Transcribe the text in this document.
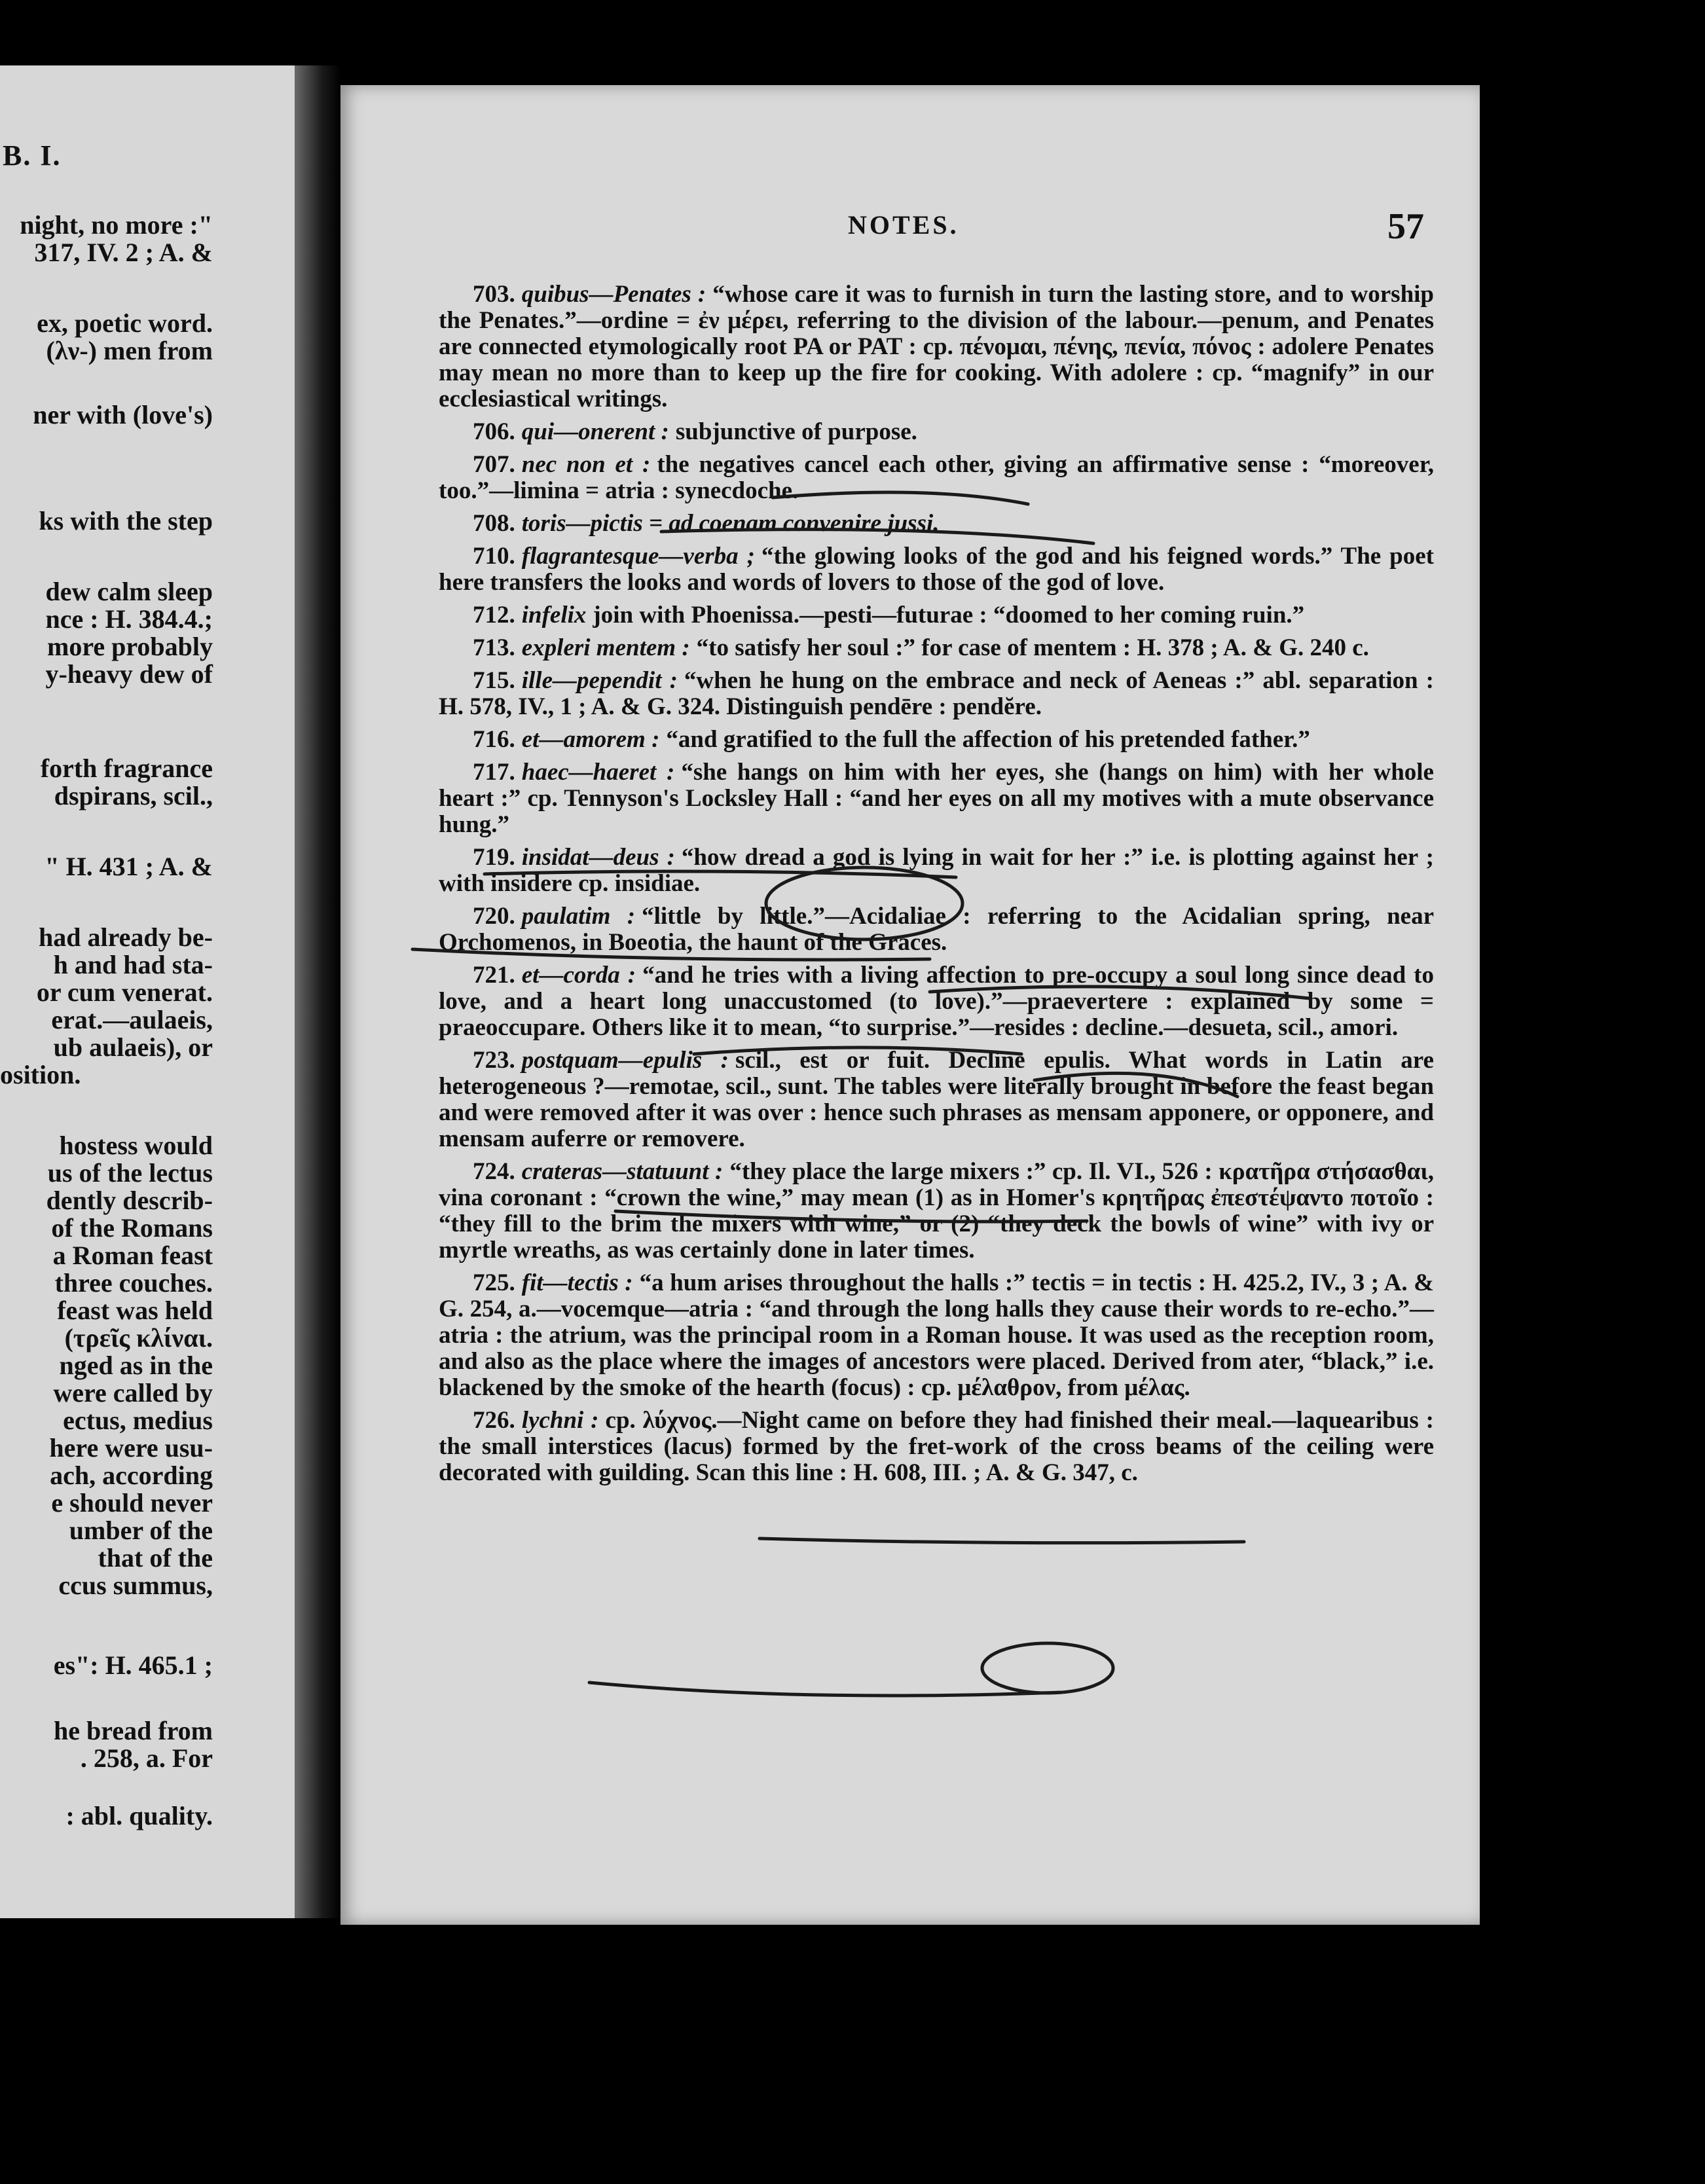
night, no more :"
317, IV. 2 ; A. &
ex, poetic word.
(λν-) men from
ner with (love's)
ks with the step
dew calm sleep
nce : H. 384.4.;
more probably
y-heavy dew of
forth fragrance
dspirans, scil.,
" H. 431 ; A. &
had already be-
h and had sta-
or cum venerat.
erat.—aulaeis,
ub aulaeis), or
osition.
hostess would
us of the lectus
dently describ-
of the Romans
a Roman feast
three couches.
feast was held
(τρεῖς κλίναι.
nged as in the
were called by
ectus, medius
here were usu-
ach, according
e should never
umber of the
that of the
ccus summus,
es": H. 465.1 ;
he bread from
. 258, a. For
: abl. quality.
B. I.
NOTES.	57

703. quibus—Penates : “whose care it was to furnish in turn the lasting store, and to worship the Penates.”—ordine = ἐν μέρει, referring to the division of the labour.—penum, and Penates are connected etymologically root PA or PAT : cp. πένομαι, πένης, πενία, πόνος : adolere Penates may mean no more than to keep up the fire for cooking. With adolere : cp. “magnify” in our ecclesiastical writings.

706. qui—onerent : subjunctive of purpose.

707. nec non et : the negatives cancel each other, giving an affirmative sense : “moreover, too.”—limina = atria : synecdoche.

708. toris—pictis = ad coenam convenire jussi.

710. flagrantesque—verba ; “the glowing looks of the god and his feigned words.” The poet here transfers the looks and words of lovers to those of the god of love.

712. infelix join with Phoenissa.—pesti—futurae : “doomed to her coming ruin.”

713. expleri mentem : “to satisfy her soul :” for case of mentem : H. 378 ; A. & G. 240 c.

715. ille—pependit : “when he hung on the embrace and neck of Aeneas :” abl. separation : H. 578, IV., 1 ; A. & G. 324. Distinguish pendēre : pendĕre.

716. et—amorem : “and gratified to the full the affection of his pretended father.”

717. haec—haeret : “she hangs on him with her eyes, she (hangs on him) with her whole heart :” cp. Tennyson's Locksley Hall : “and her eyes on all my motives with a mute observance hung.”

719. insidat—deus : “how dread a god is lying in wait for her :” i.e. is plotting against her ; with insidere cp. insidiae.

720. paulatim : “little by little.”—Acidaliae : referring to the Acidalian spring, near Orchomenos, in Boeotia, the haunt of the Graces.

721. et—corda : “and he tries with a living affection to pre-occupy a soul long since dead to love, and a heart long unaccustomed (to love).”—praevertere : explained by some = praeoccupare. Others like it to mean, “to surprise.”—resides : decline.—desueta, scil., amori.

723. postquam—epulis : scil., est or fuit. Decline epulis. What words in Latin are heterogeneous ?—remotae, scil., sunt. The tables were literally brought in before the feast began and were removed after it was over : hence such phrases as mensam apponere, or opponere, and mensam auferre or removere.

724. crateras—statuunt : “they place the large mixers :” cp. Il. VI., 526 : κρατῆρα στήσασθαι, vina coronant : “crown the wine,” may mean (1) as in Homer's κρητῆρας ἐπεστέψαντο ποτοῖο : “they fill to the brim the mixers with wine,” or (2) “they deck the bowls of wine” with ivy or myrtle wreaths, as was certainly done in later times.

725. fit—tectis : “a hum arises throughout the halls :” tectis = in tectis : H. 425.2, IV., 3 ; A. & G. 254, a.—vocemque—atria : “and through the long halls they cause their words to re-echo.”—atria : the atrium, was the principal room in a Roman house. It was used as the reception room, and also as the place where the images of ancestors were placed. Derived from ater, “black,” i.e. blackened by the smoke of the hearth (focus) : cp. μέλαθρον, from μέλας.

726. lychni : cp. λύχνος.—Night came on before they had finished their meal.—laquearibus : the small interstices (lacus) formed by the fret-work of the cross beams of the ceiling were decorated with guilding. Scan this line : H. 608, III. ; A. & G. 347, c.
